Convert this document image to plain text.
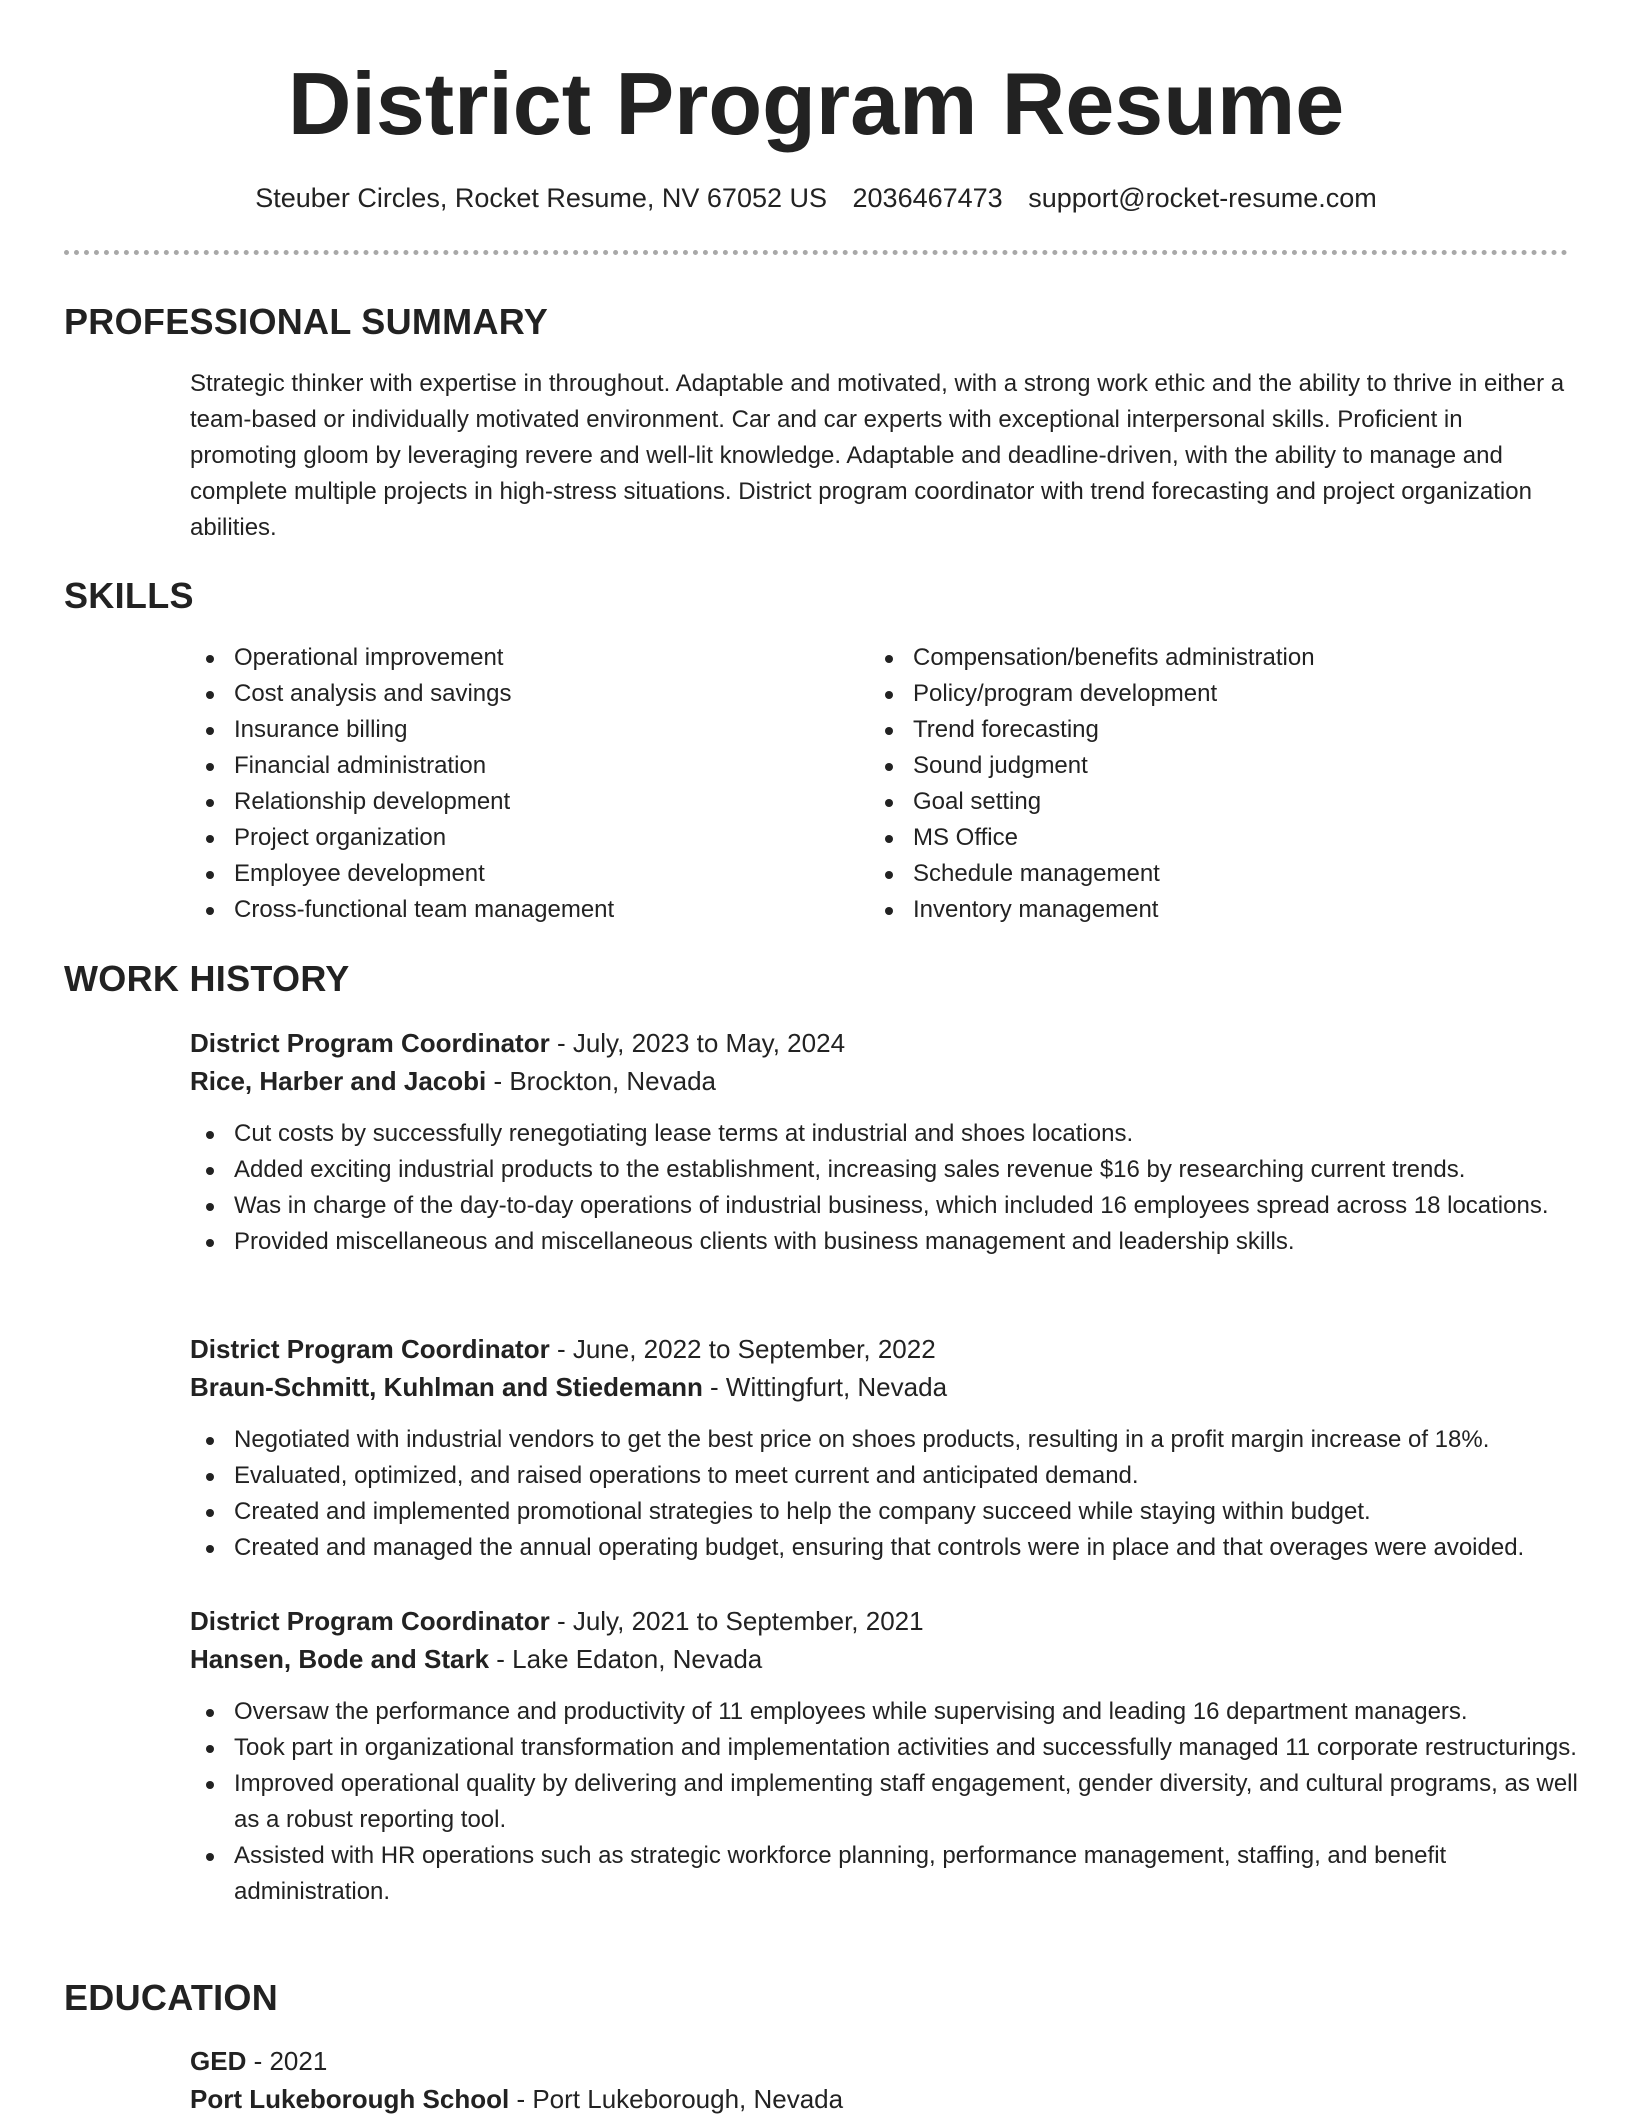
District Program Resume
Steuber Circles, Rocket Resume, NV 67052 US 2036467473 support@rocket-resume.com
PROFESSIONAL SUMMARY

Strategic thinker with expertise in throughout. Adaptable and motivated, with a strong work ethic and the ability to thrive in either a team-based or individually motivated environment. Car and car experts with exceptional interpersonal skills. Proficient in promoting gloom by leveraging revere and well-lit knowledge. Adaptable and deadline-driven, with the ability to manage and complete multiple projects in high-stress situations. District program coordinator with trend forecasting and project organization abilities.

SKILLS
Operational improvement
Cost analysis and savings
Insurance billing
Financial administration
Relationship development
Project organization
Employee development
Cross-functional team management
Compensation/benefits administration
Policy/program development
Trend forecasting
Sound judgment
Goal setting
MS Office
Schedule management
Inventory management
WORK HISTORY
District Program Coordinator - July, 2023 to May, 2024
Rice, Harber and Jacobi - Brockton, Nevada
Cut costs by successfully renegotiating lease terms at industrial and shoes locations.
Added exciting industrial products to the establishment, increasing sales revenue $16 by researching current trends.
Was in charge of the day-to-day operations of industrial business, which included 16 employees spread across 18 locations.
Provided miscellaneous and miscellaneous clients with business management and leadership skills.
District Program Coordinator - June, 2022 to September, 2022
Braun-Schmitt, Kuhlman and Stiedemann - Wittingfurt, Nevada
Negotiated with industrial vendors to get the best price on shoes products, resulting in a profit margin increase of 18%.
Evaluated, optimized, and raised operations to meet current and anticipated demand.
Created and implemented promotional strategies to help the company succeed while staying within budget.
Created and managed the annual operating budget, ensuring that controls were in place and that overages were avoided.
District Program Coordinator - July, 2021 to September, 2021
Hansen, Bode and Stark - Lake Edaton, Nevada
Oversaw the performance and productivity of 11 employees while supervising and leading 16 department managers.
Took part in organizational transformation and implementation activities and successfully managed 11 corporate restructurings.
Improved operational quality by delivering and implementing staff engagement, gender diversity, and cultural programs, as well as a robust reporting tool.
Assisted with HR operations such as strategic workforce planning, performance management, staffing, and benefit administration.
EDUCATION
GED - 2021
Port Lukeborough School - Port Lukeborough, Nevada
